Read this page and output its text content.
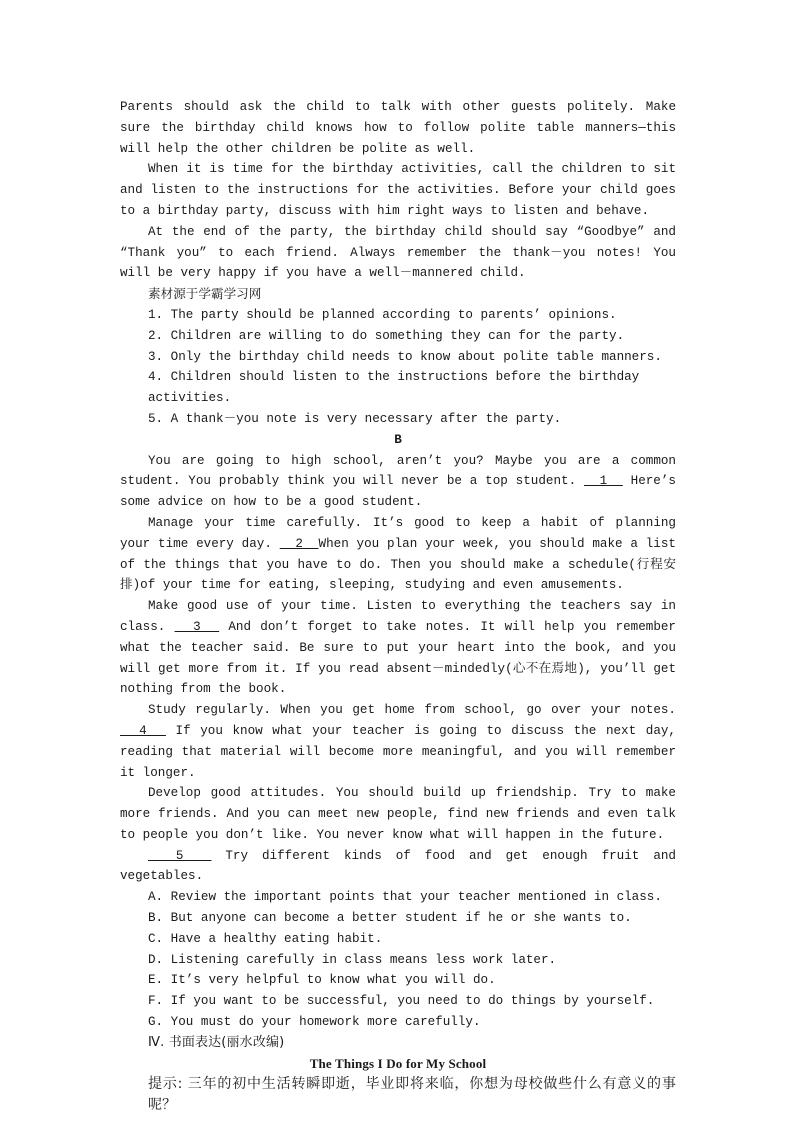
Parents should ask the child to talk with other guests politely. Make sure the birthday child knows how to follow polite table manners—this will help the other children be polite as well.

When it is time for the birthday activities, call the children to sit and listen to the instructions for the activities. Before your child goes to a birthday party, discuss with him right ways to listen and behave.

At the end of the party, the birthday child should say “Goodbye” and “Thank you” to each friend. Always remember the thank－you notes! You will be very happy if you have a well－mannered child.

素材源于学霸学习网

1. The party should be planned according to parents’ opinions.

2. Children are willing to do something they can for the party.

3. Only the birthday child needs to know about polite table manners.

4. Children should listen to the instructions before the birthday activities.

5. A thank－you note is very necessary after the party.

B

You are going to high school, aren’t you? Maybe you are a common student. You probably think you will never be a top student.   1   Here’s some advice on how to be a good student.

Manage your time carefully. It’s good to keep a habit of planning your time every day.   2  When you plan your week, you should make a list of the things that you have to do. Then you should make a schedule(行程安排)of your time for eating, sleeping, studying and even amusements.

Make good use of your time. Listen to everything the teachers say in class.   3   And don’t forget to take notes. It will help you remember what the teacher said. Be sure to put your heart into the book, and you will get more from it. If you read absent－mindedly(心不在焉地), you’ll get nothing from the book.

Study regularly. When you get home from school, go over your notes.   4   If you know what your teacher is going to discuss the next day, reading that material will become more meaningful, and you will remember it longer.

Develop good attitudes. You should build up friendship. Try to make more friends. And you can meet new people, find new friends and even talk to people you don’t like. You never know what will happen in the future.

5   Try different kinds of food and get enough fruit and vegetables.

A. Review the important points that your teacher mentioned in class.

B. But anyone can become a better student if he or she wants to.

C. Have a healthy eating habit.

D. Listening carefully in class means less work later.

E. It’s very helpful to know what you will do.

F. If you want to be successful, you need to do things by yourself.

G. You must do your homework more carefully.

Ⅳ. 书面表达(丽水改编)

The Things I Do for My School

提示: 三年的初中生活转瞬即逝，毕业即将来临，你想为母校做些什么有意义的事呢？
